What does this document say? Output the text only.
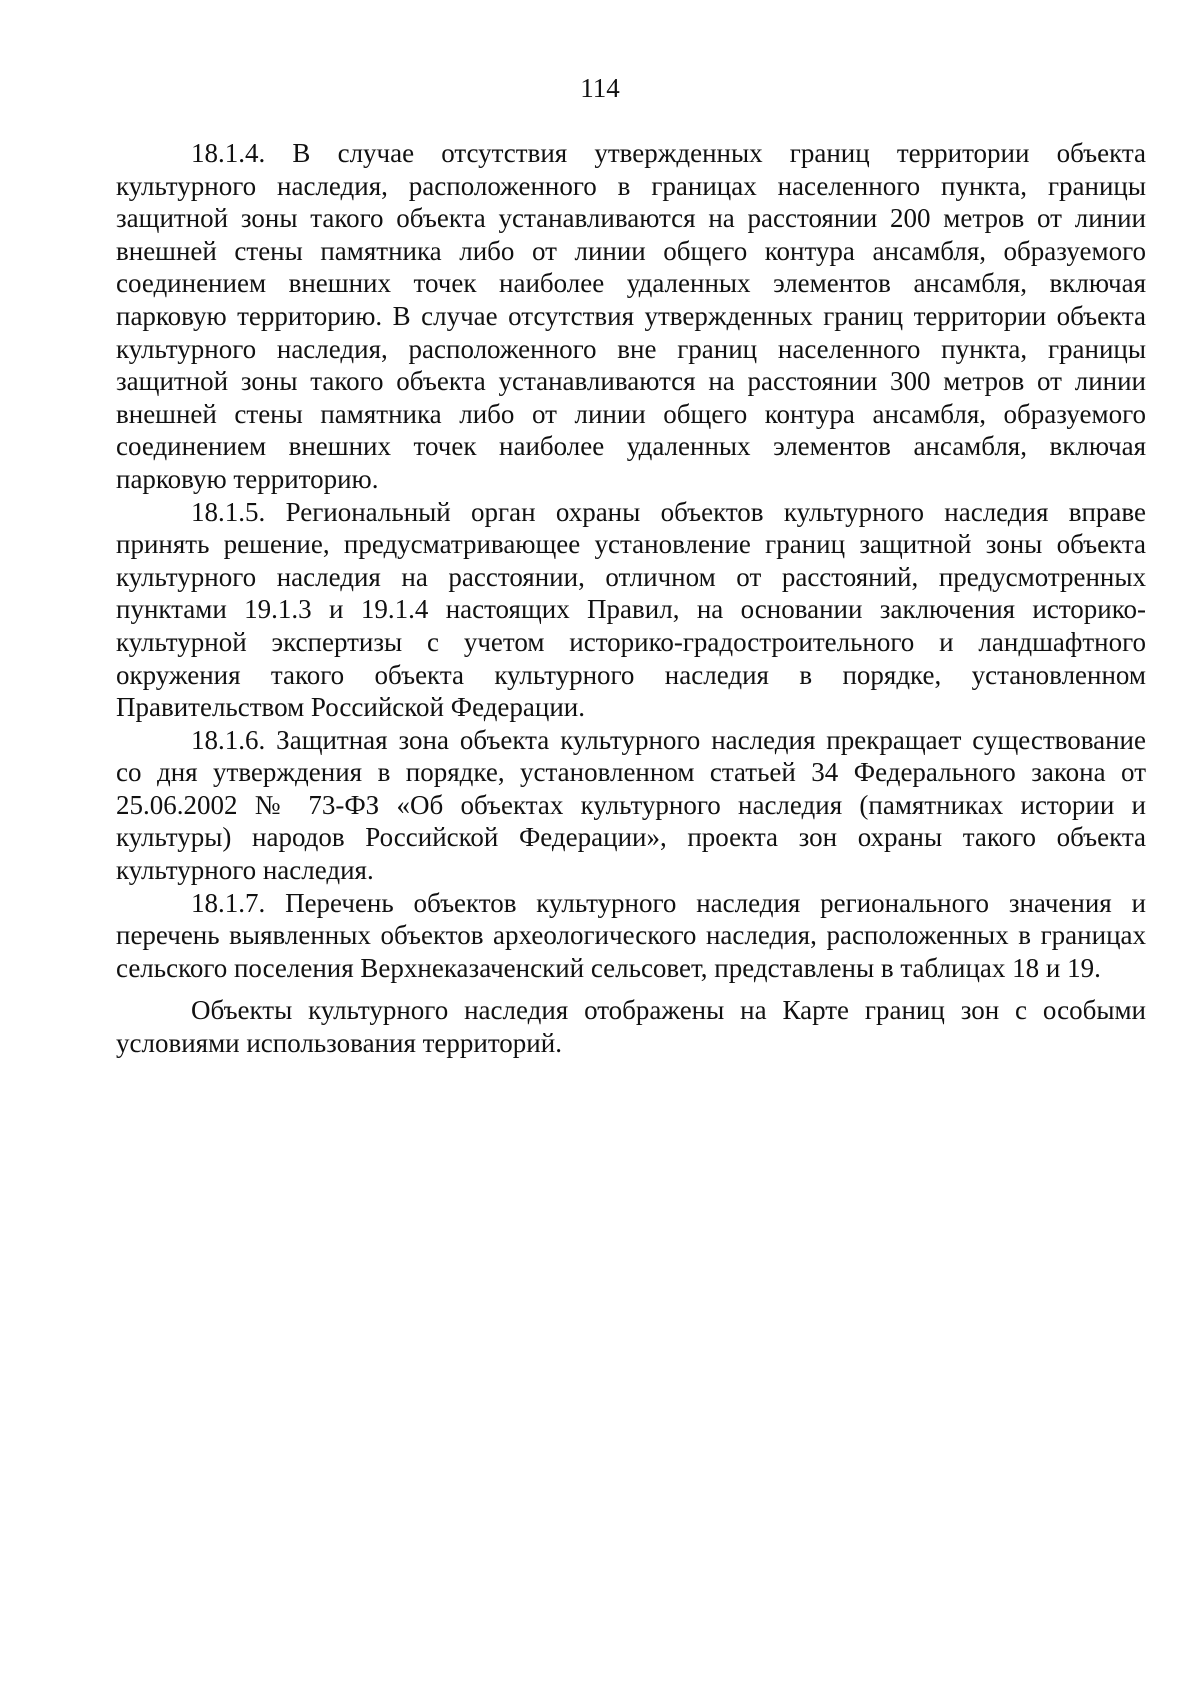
114

18.1.4. В случае отсутствия утвержденных границ территории объекта культурного наследия, расположенного в границах населенного пункта, границы защитной зоны такого объекта устанавливаются на расстоянии 200 метров от линии внешней стены памятника либо от линии общего контура ансамбля, образуемого соединением внешних точек наиболее удаленных элементов ансамбля, включая парковую территорию. В случае отсутствия утвержденных границ территории объекта культурного наследия, расположенного вне границ населенного пункта, границы защитной зоны такого объекта устанавливаются на расстоянии 300 метров от линии внешней стены памятника либо от линии общего контура ансамбля, образуемого соединением внешних точек наиболее удаленных элементов ансамбля, включая парковую территорию.

18.1.5. Региональный орган охраны объектов культурного наследия вправе принять решение, предусматривающее установление границ защитной зоны объекта культурного наследия на расстоянии, отличном от расстояний, предусмотренных пунктами 19.1.3 и 19.1.4 настоящих Правил, на основании заключения историко-культурной экспертизы с учетом историко-градостроительного и ландшафтного окружения такого объекта культурного наследия в порядке, установленном Правительством Российской Федерации.

18.1.6. Защитная зона объекта культурного наследия прекращает существование со дня утверждения в порядке, установленном статьей 34 Федерального закона от 25.06.2002 № 73-ФЗ «Об объектах культурного наследия (памятниках истории и культуры) народов Российской Федерации», проекта зон охраны такого объекта культурного наследия.

18.1.7. Перечень объектов культурного наследия регионального значения и перечень выявленных объектов археологического наследия, расположенных в границах сельского поселения Верхнеказаченский сельсовет, представлены в таблицах 18 и 19.

Объекты культурного наследия отображены на Карте границ зон с особыми условиями использования территорий.
